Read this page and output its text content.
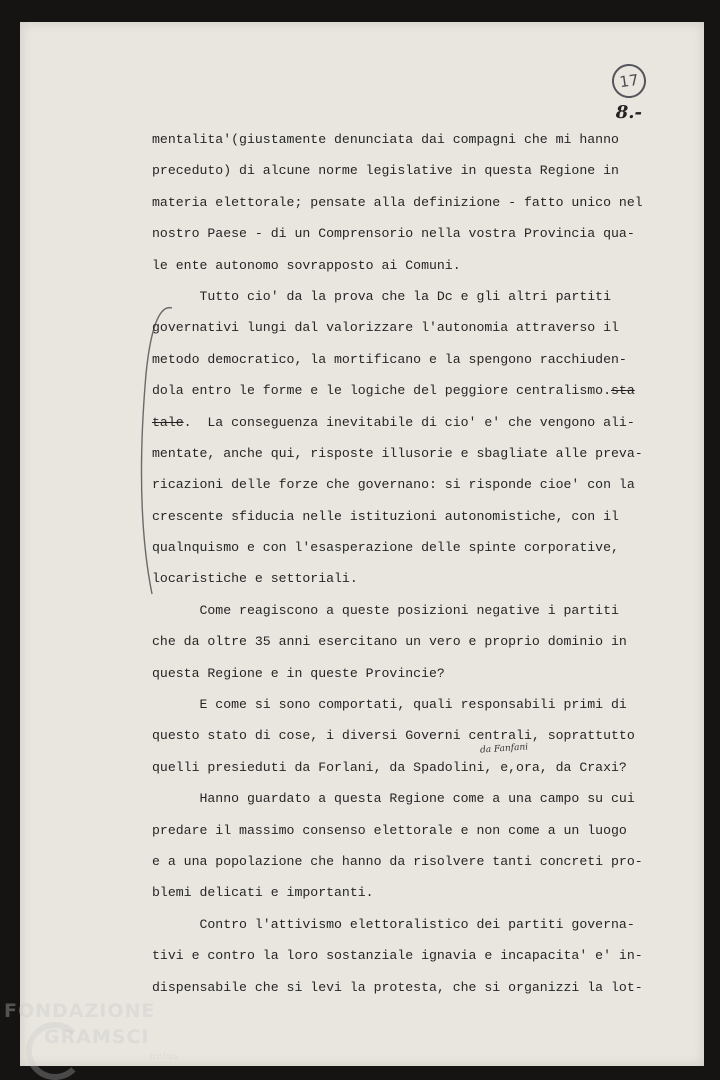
17
8.-
da Fanfani
mentalita'(giustamente denunciata dai compagni che mi hanno
preceduto) di alcune norme legislative in questa Regione in
materia elettorale; pensate alla definizione - fatto unico nel
nostro Paese - di un Comprensorio nella vostra Provincia qua-
le ente autonomo sovrapposto ai Comuni.
Tutto cio' da la prova che la Dc e gli altri partiti
governativi lungi dal valorizzare l'autonomia attraverso il
metodo democratico, la mortificano e la spengono racchiuden-
dola entro le forme e le logiche del peggiore centralismo.sta
tale.  La conseguenza inevitabile di cio' e' che vengono ali-
mentate, anche qui, risposte illusorie e sbagliate alle preva-
ricazioni delle forze che governano: si risponde cioe' con la
crescente sfiducia nelle istituzioni autonomistiche, con il
qualnquismo e con l'esasperazione delle spinte corporative,
locaristiche e settoriali.
Come reagiscono a queste posizioni negative i partiti
che da oltre 35 anni esercitano un vero e proprio dominio in
questa Regione e in queste Provincie?
E come si sono comportati, quali responsabili primi di
questo stato di cose, i diversi Governi centrali, soprattutto
quelli presieduti da Forlani, da Spadolini, e,ora, da Craxi?
Hanno guardato a questa Regione come a una campo su cui
predare il massimo consenso elettorale e non come a un luogo
e a una popolazione che hanno da risolvere tanti concreti pro-
blemi delicati e importanti.
Contro l'attivismo elettoralistico dei partiti governa-
tivi e contro la loro sostanziale ignavia e incapacita' e' in-
dispensabile che si levi la protesta, che si organizzi la lot-
FONDAZIONE
GRAMSCI
onlus
